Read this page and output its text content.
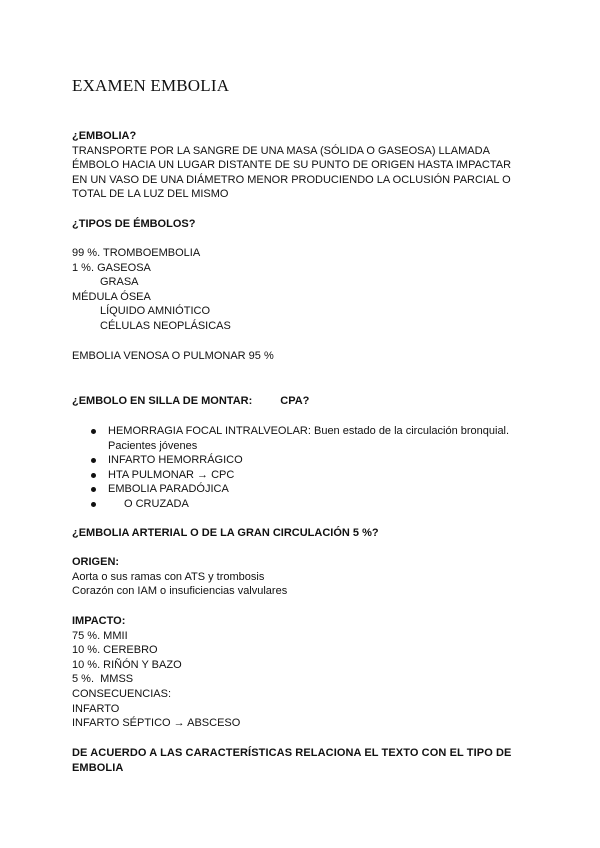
EXAMEN EMBOLIA
¿EMBOLIA?
TRANSPORTE POR LA SANGRE DE UNA MASA (SÓLIDA O GASEOSA) LLAMADA
ÉMBOLO HACIA UN LUGAR DISTANTE DE SU PUNTO DE ORIGEN HASTA IMPACTAR
EN UN VASO DE UNA DIÁMETRO MENOR PRODUCIENDO LA OCLUSIÓN PARCIAL O
TOTAL DE LA LUZ DEL MISMO
¿TIPOS DE ÉMBOLOS?
99 %. TROMBOEMBOLIA
1 %. GASEOSA
GRASA
MÉDULA ÓSEA
LÍQUIDO AMNIÓTICO
CÉLULAS NEOPLÁSICAS
EMBOLIA VENOSA O PULMONAR 95 %
¿EMBOLO EN SILLA DE MONTAR:	CPA?
HEMORRAGIA FOCAL INTRALVEOLAR: Buen estado de la circulación bronquial.
Pacientes jóvenes
INFARTO HEMORRÁGICO
HTA PULMONAR → CPC
EMBOLIA PARADÓJICA
O CRUZADA
¿EMBOLIA ARTERIAL O DE LA GRAN CIRCULACIÓN 5 %?
ORIGEN:
Aorta o sus ramas con ATS y trombosis
Corazón con IAM o insuficiencias valvulares
IMPACTO:
75 %. MMII
10 %. CEREBRO
10 %. RIÑÓN Y BAZO
5 %.  MMSS
CONSECUENCIAS:
INFARTO
INFARTO SÉPTICO → ABSCESO
DE ACUERDO A LAS CARACTERÍSTICAS RELACIONA EL TEXTO CON EL TIPO DE
EMBOLIA
